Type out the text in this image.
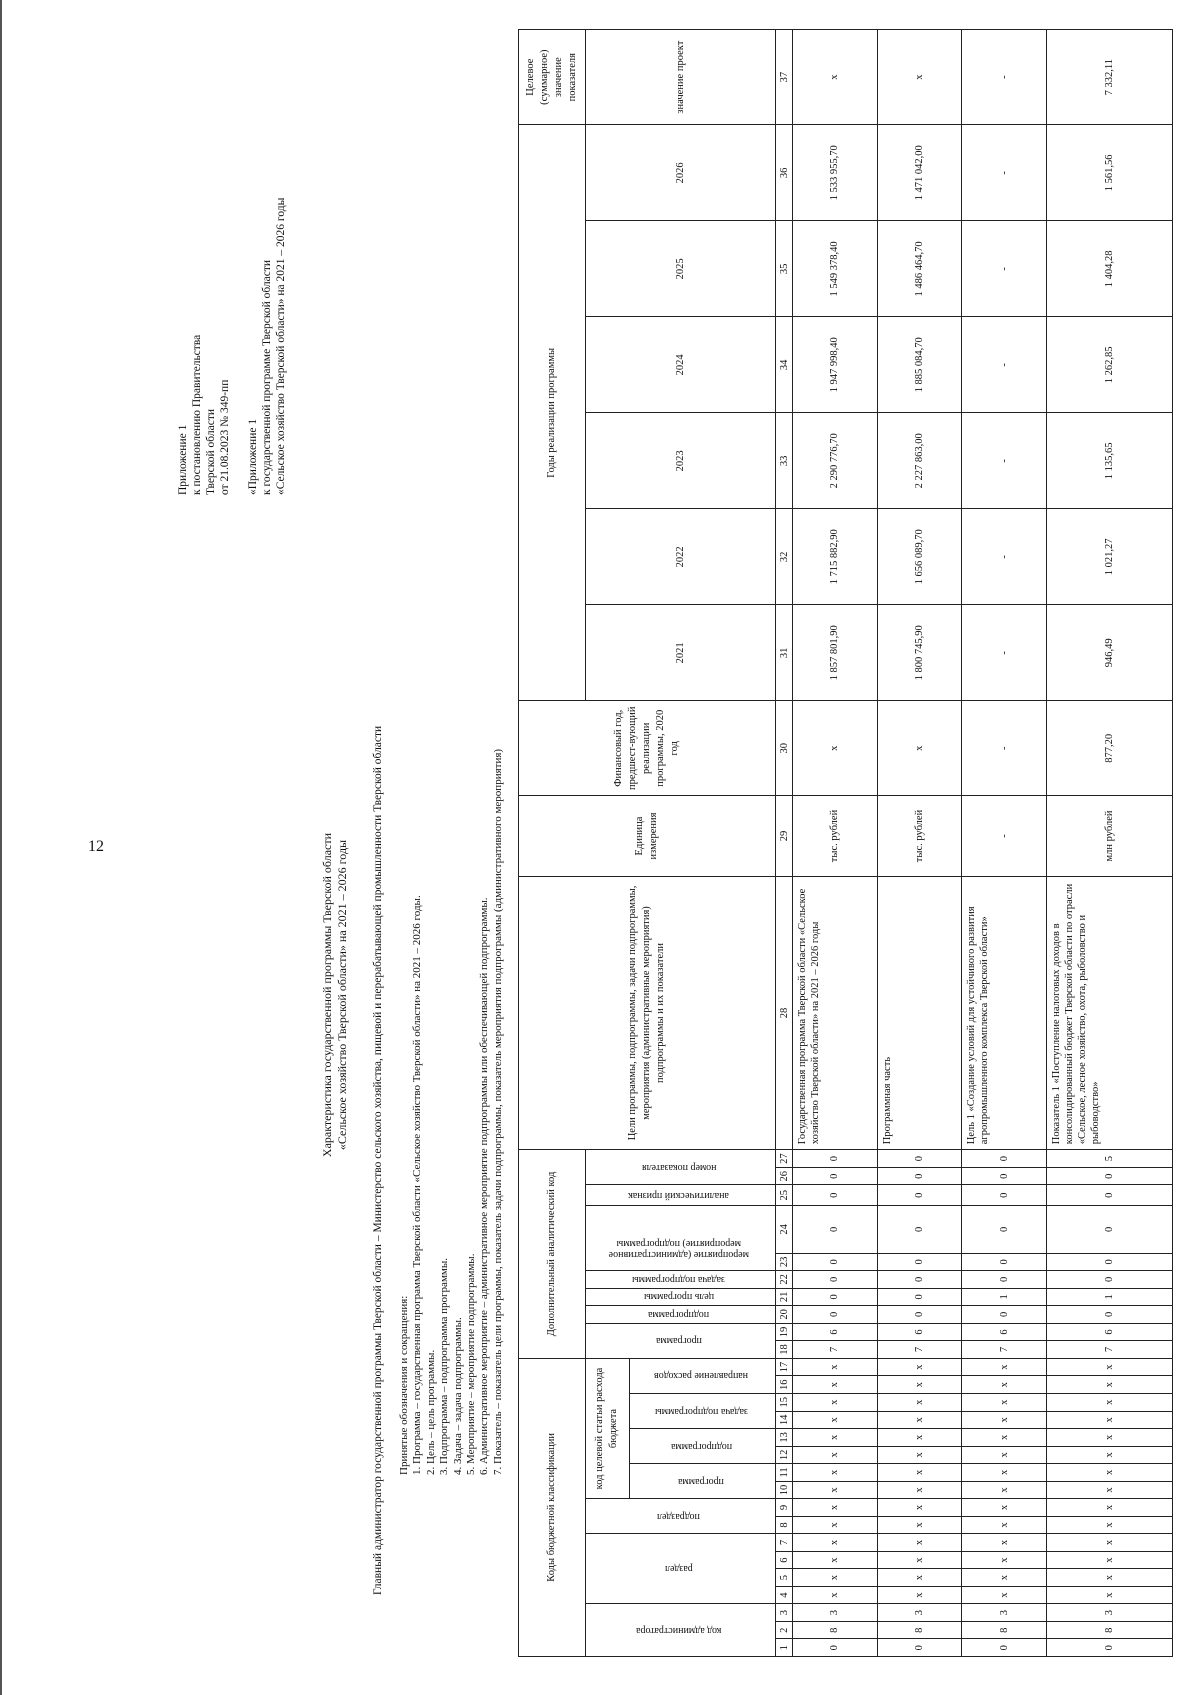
12
Приложение 1 к постановлению Правительства Тверской области от 21.08.2023 № 349-пп «Приложение 1 к государственной программе Тверской области «Сельское хозяйство Тверской области» на 2021 – 2026 годы
Характеристика государственной программы Тверской области «Сельское хозяйство Тверской области» на 2021 – 2026 годы Главный администратор государственной программы Тверской области – Министерство сельского хозяйства, пищевой и перерабатывающей промышленности Тверской области Принятые обозначения и сокращения: 1. Программа – государственная программа Тверской области «Сельское хозяйство Тверской области» на 2021 – 2026 годы. 2. Цель – цель программы. 3. Подпрограмма – подпрограмма программы. 4. Задача – задача подпрограммы. 5. Мероприятие – мероприятие подпрограммы. 6. Административное мероприятие – административное мероприятие подпрограммы или обеспечивающей подпрограммы. 7. Показатель – показатель цели программы, показатель задачи подпрограммы, показатель мероприятия подпрограммы (административного мероприятия)
Коды бюджетной классификации																	Дополнительный аналитический код										Цели программы, подпрограммы, задачи подпрограммы, мероприятия (административные мероприятия) подпрограммы и их показатели	Единица измерения	Финансовый год, предшест-вующий реализации программы, 2020 год	Годы реализации программы						Целевое (суммарное) значение показателя
код администратора			раздел				подраздел		код целевой статьи расхода бюджета								программа		подпрограмма	цель программы	задача подпрограммы	мероприятие (административное мероприятие) подпрограммы		аналитический признак	номер показателя					2021	2022	2023	2024	2025	2026	значение проект
									программа		подпрограмма		задача подпрограммы		направление расходов																					
1	2	3	4	5	6	7	8	9	10	11	12	13	14	15	16	17	18	19	20	21	22	23	24	25	26	27	28	29	30	31	32	33	34	35	36	37
0	8	3	x	x	x	x	x	x	x	x	x	x	x	x	x	x	7	6	0	0	0	0	0	0	0	0	Государственная программа Тверской области «Сельское хозяйство Тверской области» на 2021 – 2026 годы	тыс. рублей	х	1 857 801,90	1 715 882,90	2 290 776,70	1 947 998,40	1 549 378,40	1 533 955,70	х
0	8	3	x	x	x	x	x	x	x	x	x	x	x	x	x	x	7	6	0	0	0	0	0	0	0	0	Программная часть	тыс. рублей	х	1 800 745,90	1 656 089,70	2 227 863,00	1 885 084,70	1 486 464,70	1 471 042,00	х
0	8	3	x	x	x	x	x	x	x	x	x	x	x	x	x	x	7	6	0	1	0	0	0	0	0	0	Цель 1 «Создание условий для устойчивого развития агропромышленного комплекса Тверской области»	-	-	-	-	-	-	-	-	-
0	8	3	x	x	x	x	x	x	x	x	x	x	x	x	x	x	7	6	0	1	0	0	0	0	0	5	Показатель 1 «Поступление налоговых доходов в консолидированный бюджет Тверской области по отрасли «Сельское, лесное хозяйство, охота, рыболовство и рыбоводство»	млн рублей	877,20	946,49	1 021,27	1 135,65	1 262,85	1 404,28	1 561,56	7 332,11
